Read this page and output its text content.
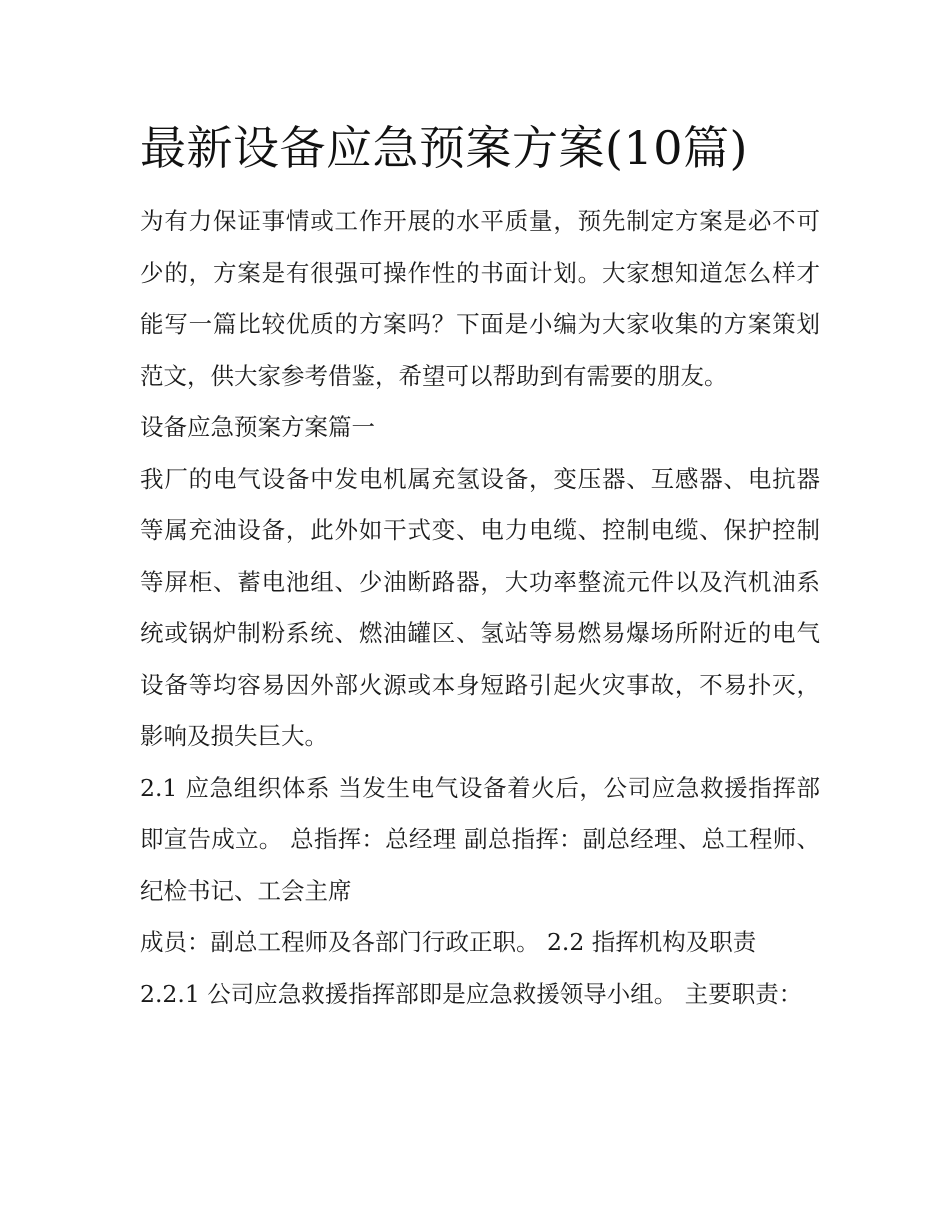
最新设备应急预案方案(10篇)

为有力保证事情或工作开展的水平质量，预先制定方案是必不可少的，方案是有很强可操作性的书面计划。大家想知道怎么样才能写一篇比较优质的方案吗？下面是小编为大家收集的方案策划范文，供大家参考借鉴，希望可以帮助到有需要的朋友。

设备应急预案方案篇一

我厂的电气设备中发电机属充氢设备，变压器、互感器、电抗器等属充油设备，此外如干式变、电力电缆、控制电缆、保护控制等屏柜、蓄电池组、少油断路器，大功率整流元件以及汽机油系统或锅炉制粉系统、燃油罐区、氢站等易燃易爆场所附近的电气设备等均容易因外部火源或本身短路引起火灾事故，不易扑灭，影响及损失巨大。

2.1 应急组织体系 当发生电气设备着火后，公司应急救援指挥部即宣告成立。 总指挥：总经理 副总指挥：副总经理、总工程师、纪检书记、工会主席

成员：副总工程师及各部门行政正职。 2.2 指挥机构及职责

2.2.1 公司应急救援指挥部即是应急救援领导小组。 主要职责：
